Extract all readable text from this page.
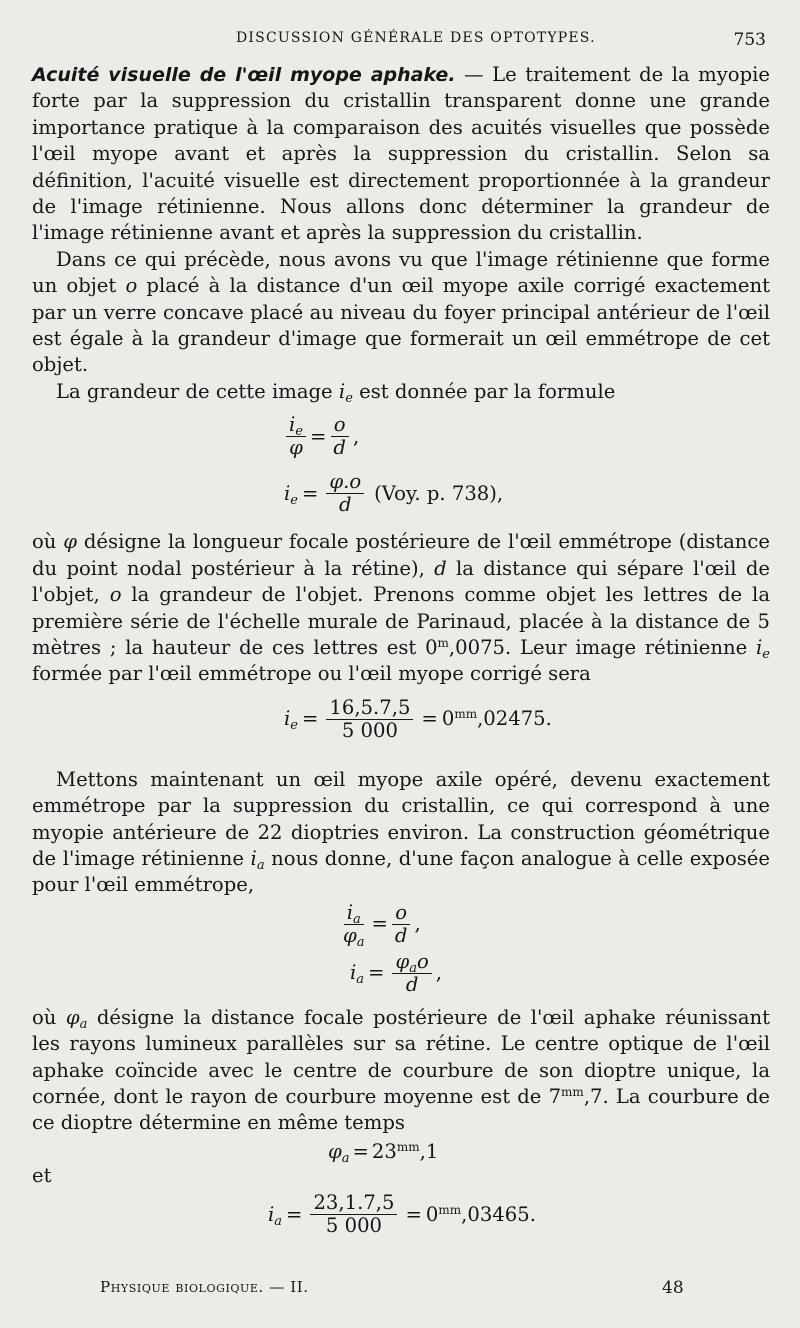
DISCUSSION GÉNÉRALE DES OPTOTYPES.	753

Acuité visuelle de l'œil myope aphake. — Le traitement de la myopie forte par la suppression du cristallin transparent donne une grande importance pratique à la comparaison des acuités visuelles que possède l'œil myope avant et après la suppression du cristallin. Selon sa définition, l'acuité visuelle est directement proportionnée à la grandeur de l'image rétinienne. Nous allons donc déterminer la grandeur de l'image rétinienne avant et après la suppression du cristallin.

Dans ce qui précède, nous avons vu que l'image rétinienne que forme un objet o placé à la distance d'un œil myope axile corrigé exactement par un verre concave placé au niveau du foyer principal antérieur de l'œil est égale à la grandeur d'image que formerait un œil emmétrope de cet objet.

La grandeur de cette image $i_e$ est donnée par la formule

$\frac{i_e}{\varphi} = \frac{o}{d}$ ,
$i_e = \frac{\varphi.o}{d} (Voy$. p. 738),

où φ désigne la longueur focale postérieure de l'œil emmétrope (distance du point nodal postérieur à la rétine), d la distance qui sépare l'œil de l'objet, o la grandeur de l'objet. Prenons comme objet les lettres de la première série de l'échelle murale de Parinaud, placée à la distance de 5 mètres ; la hauteur de ces lettres est 0$^m$,0075. Leur image rétinienne $i_e$ formée par l'œil emmétrope ou l'œil myope corrigé sera

$i_e = \frac{16,5.7,5}{5 000} = 0^{mm},02475$.

Mettons maintenant un œil myope axile opéré, devenu exactement emmétrope par la suppression du cristallin, ce qui correspond à une myopie antérieure de 22 dioptries environ. La construction géométrique de l'image rétinienne $i_a$ nous donne, d'une façon analogue à celle exposée pour l'œil emmétrope,

$\frac{i_a}{\varphi_a} = \frac{o}{d}$ ,
$i_a = \frac{\varphi_ao}{d}$ ,

où $\varphi_a$ désigne la distance focale postérieure de l'œil aphake réunissant les rayons lumineux parallèles sur sa rétine. Le centre optique de l'œil aphake coïncide avec le centre de courbure de son dioptre unique, la cornée, dont le rayon de courbure moyenne est de $7^{mm},7$. La courbure de ce dioptre détermine en même temps

$\varphi_a = 23^{mm},1$

et

$i_a = \frac{23,1.7,5}{5 000} = 0^{mm},03465$.
Physique biologique. — II.	48
